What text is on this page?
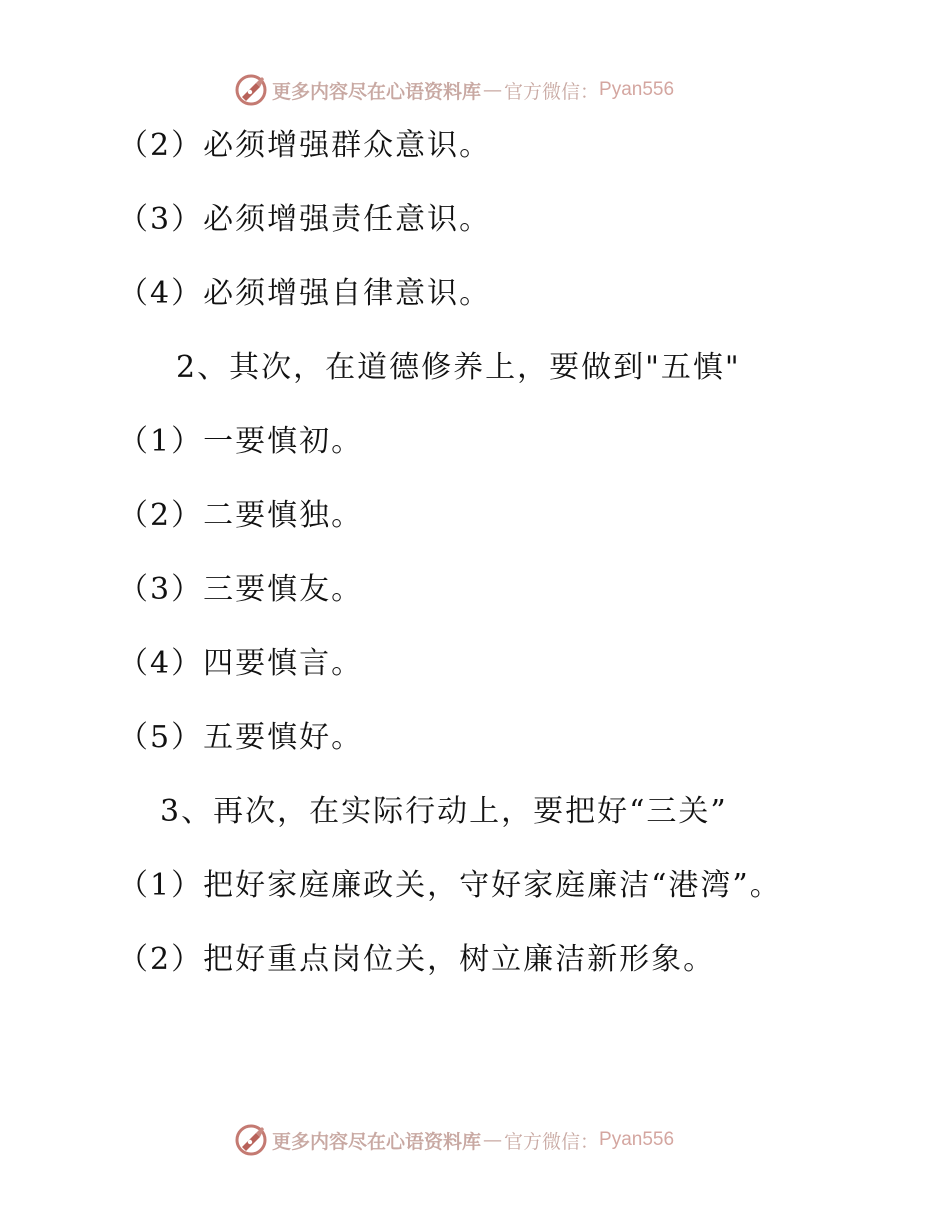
更多内容尽在心语资料库 — 官方微信： Pyan556
（2）必须增强群众意识。
（3）必须增强责任意识。
（4）必须增强自律意识。
2、其次，在道德修养上，要做到"五慎"
（1）一要慎初。
（2）二要慎独。
（3）三要慎友。
（4）四要慎言。
（5）五要慎好。
3、再次，在实际行动上，要把好“三关”
（1）把好家庭廉政关，守好家庭廉洁“港湾”。
（2）把好重点岗位关，树立廉洁新形象。
更多内容尽在心语资料库 — 官方微信： Pyan556
